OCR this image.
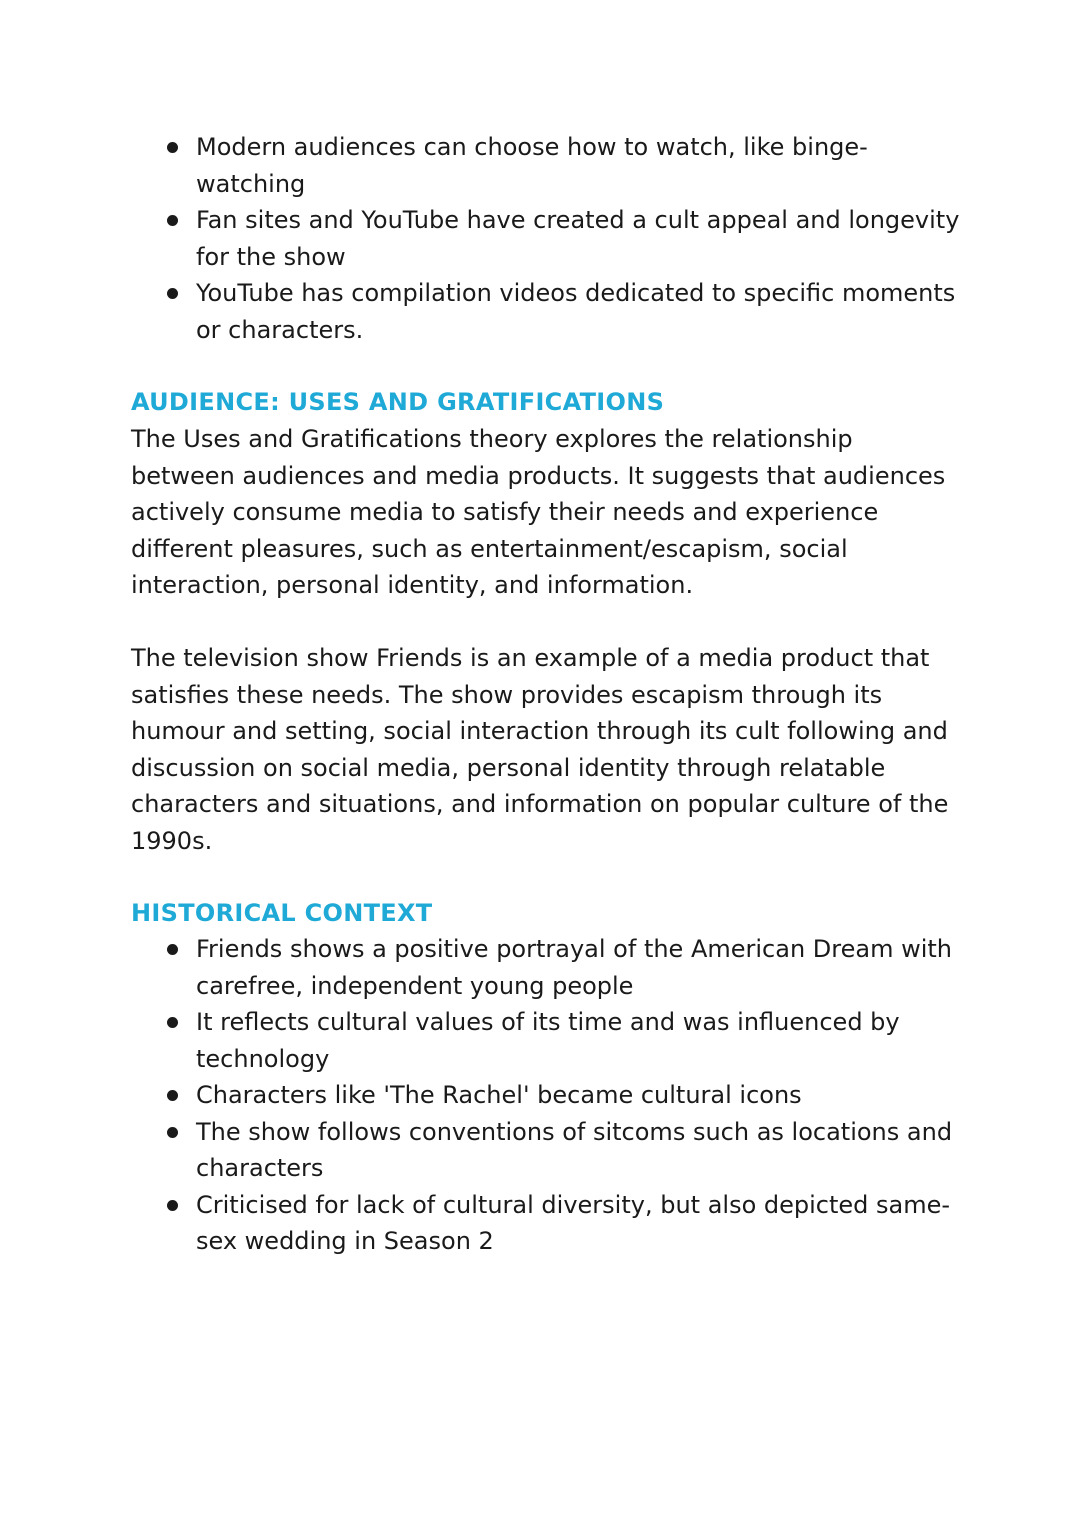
Modern audiences can choose how to watch, like binge-watching
Fan sites and YouTube have created a cult appeal and longevity for the show
YouTube has compilation videos dedicated to specific moments or characters.
AUDIENCE: USES AND GRATIFICATIONS

The Uses and Gratifications theory explores the relationship between audiences and media products. It suggests that audiences actively consume media to satisfy their needs and experience different pleasures, such as entertainment/escapism, social interaction, personal identity, and information.

The television show Friends is an example of a media product that satisfies these needs. The show provides escapism through its humour and setting, social interaction through its cult following and discussion on social media, personal identity through relatable characters and situations, and information on popular culture of the 1990s.

HISTORICAL CONTEXT
Friends shows a positive portrayal of the American Dream with carefree, independent young people
It reflects cultural values of its time and was influenced by technology
Characters like 'The Rachel' became cultural icons
The show follows conventions of sitcoms such as locations and characters
Criticised for lack of cultural diversity, but also depicted same-sex wedding in Season 2
